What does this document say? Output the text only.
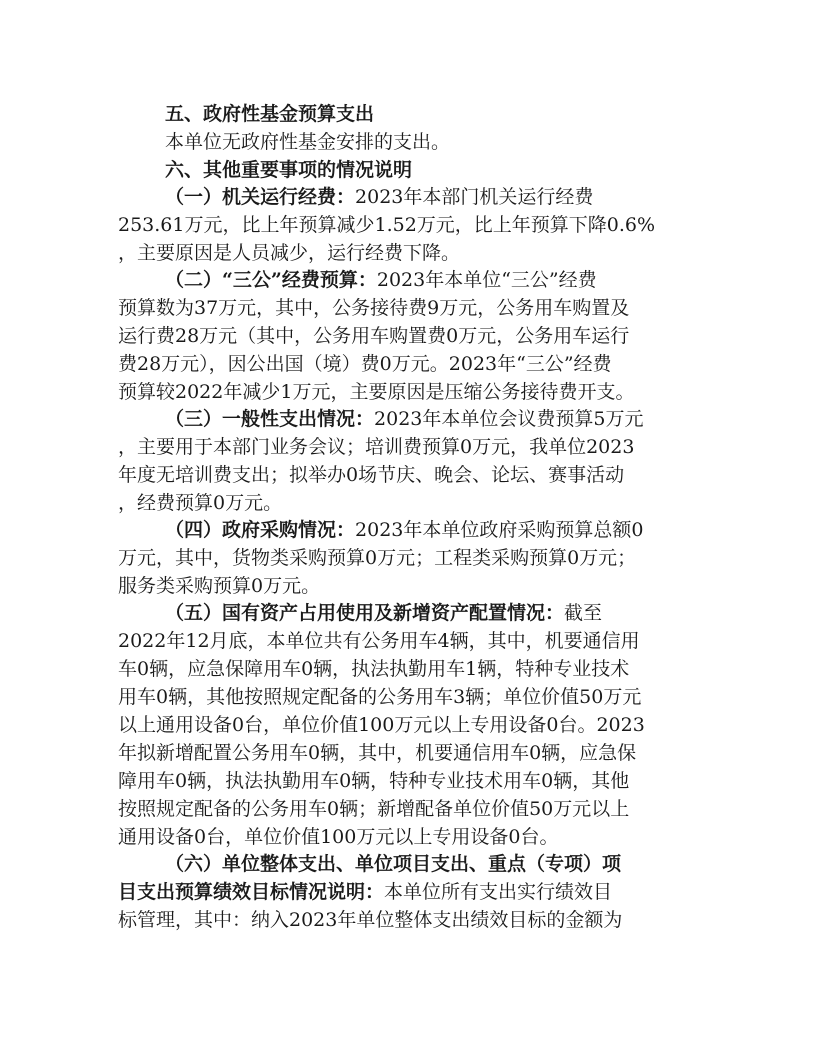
五、政府性基金预算支出
本单位无政府性基金安排的支出。
六、其他重要事项的情况说明
（一）机关运行经费：2023年本部门机关运行经费
253.61万元，比上年预算减少1.52万元，比上年预算下降0.6%
，主要原因是人员减少，运行经费下降。
（二）“三公”经费预算：2023年本单位“三公”经费
预算数为37万元，其中，公务接待费9万元，公务用车购置及
运行费28万元（其中，公务用车购置费0万元，公务用车运行
费28万元），因公出国（境）费0万元。2023年“三公”经费
预算较2022年减少1万元，主要原因是压缩公务接待费开支。
（三）一般性支出情况：2023年本单位会议费预算5万元
，主要用于本部门业务会议；培训费预算0万元，我单位2023
年度无培训费支出；拟举办0场节庆、晚会、论坛、赛事活动
，经费预算0万元。
（四）政府采购情况：2023年本单位政府采购预算总额0
万元，其中，货物类采购预算0万元；工程类采购预算0万元；
服务类采购预算0万元。
（五）国有资产占用使用及新增资产配置情况：截至
2022年12月底，本单位共有公务用车4辆，其中，机要通信用
车0辆，应急保障用车0辆，执法执勤用车1辆，特种专业技术
用车0辆，其他按照规定配备的公务用车3辆；单位价值50万元
以上通用设备0台，单位价值100万元以上专用设备0台。2023
年拟新增配置公务用车0辆，其中，机要通信用车0辆，应急保
障用车0辆，执法执勤用车0辆，特种专业技术用车0辆，其他
按照规定配备的公务用车0辆；新增配备单位价值50万元以上
通用设备0台，单位价值100万元以上专用设备0台。
（六）单位整体支出、单位项目支出、重点（专项）项
目支出预算绩效目标情况说明：本单位所有支出实行绩效目
标管理，其中：纳入2023年单位整体支出绩效目标的金额为
